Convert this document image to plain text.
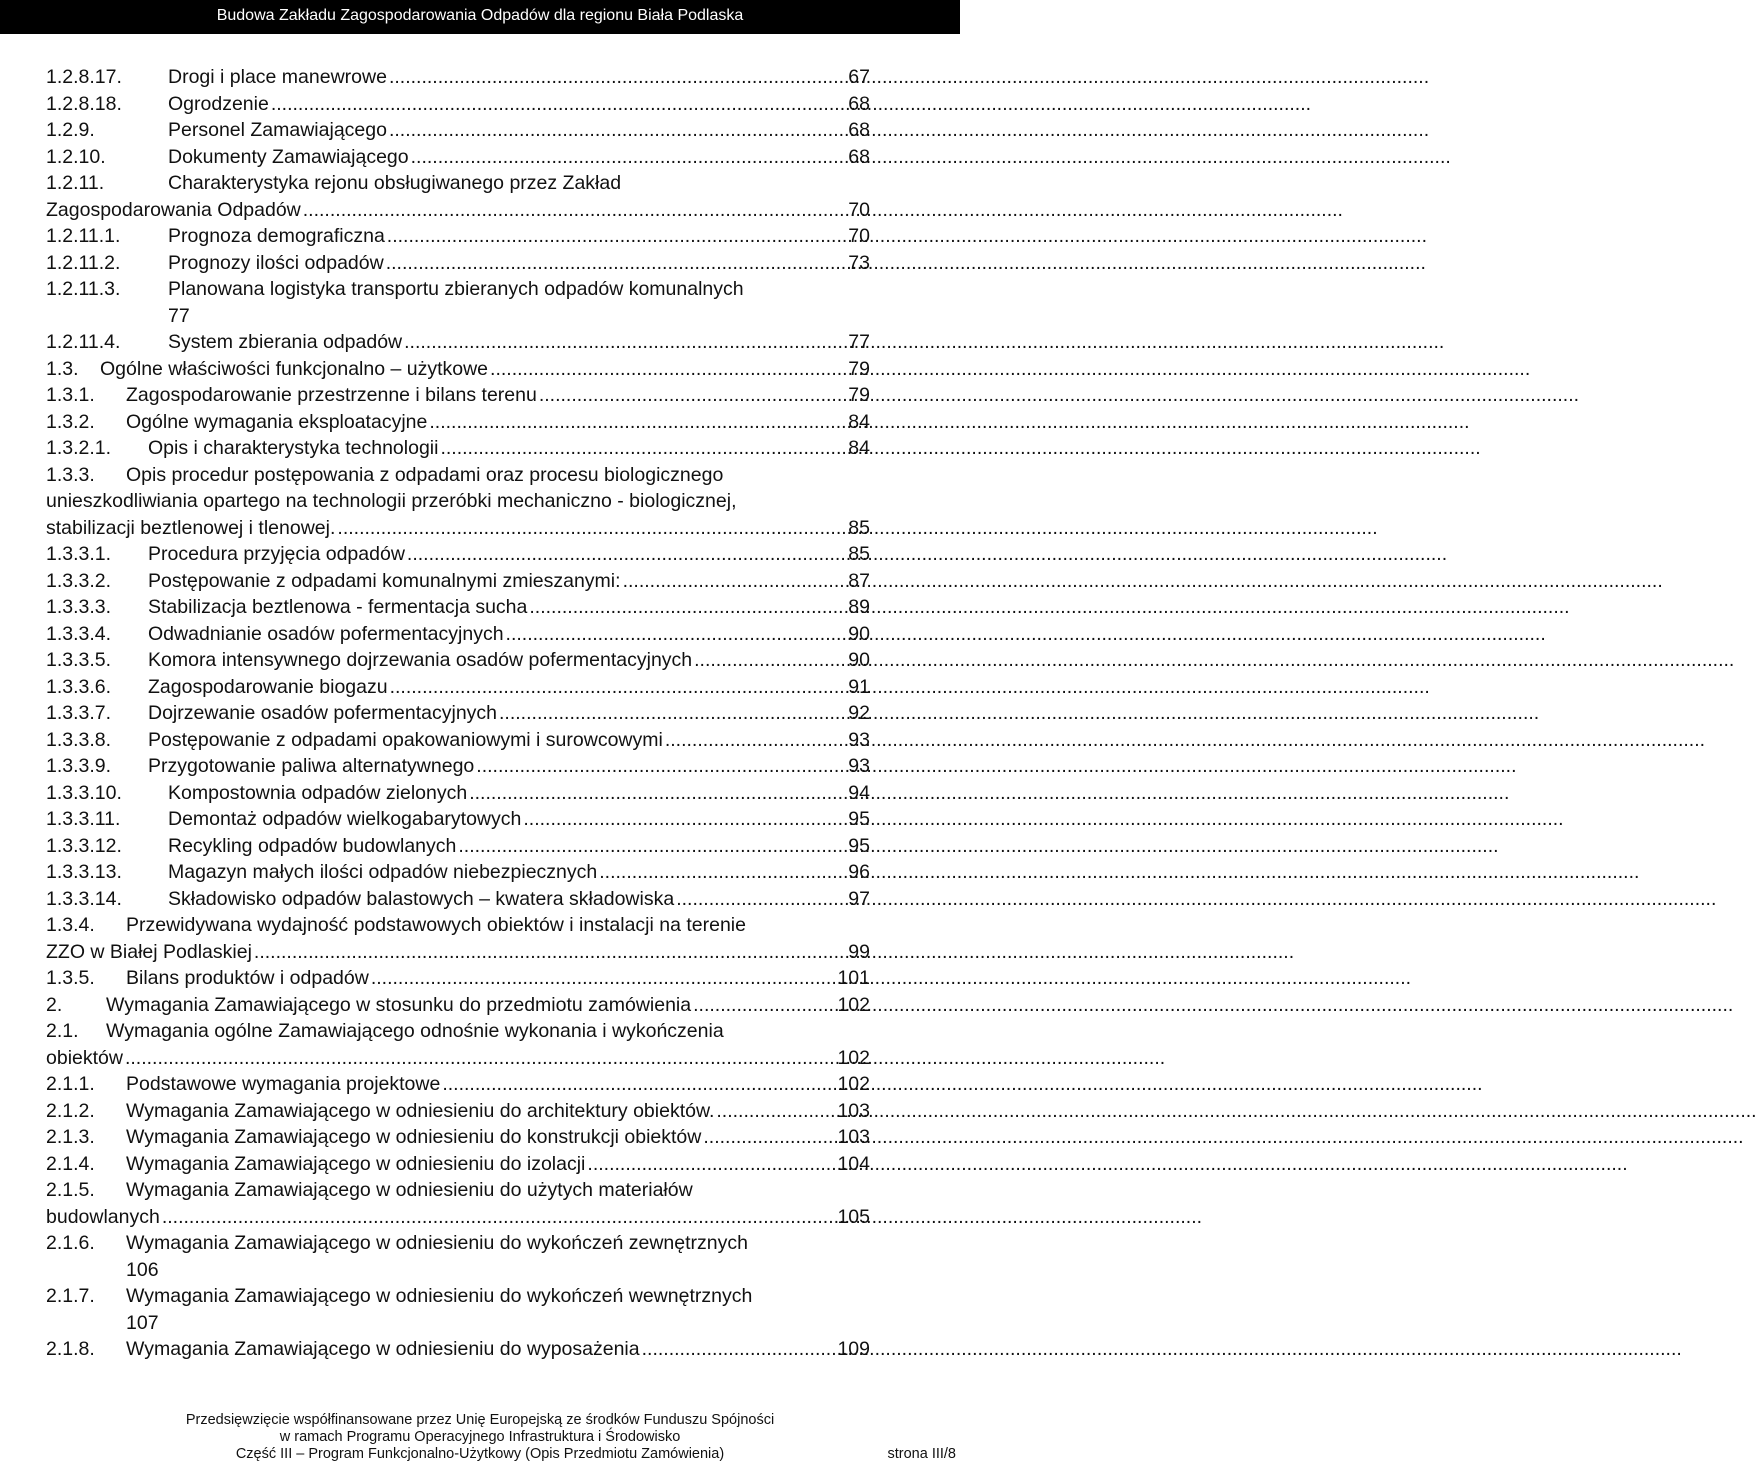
Budowa Zakładu Zagospodarowania Odpadów dla regionu Biała Podlaska
1.2.8.17.	Drogi i place manewrowe .....	67
1.2.8.18.	Ogrodzenie .....	68
1.2.9.	Personel Zamawiającego .....	68
1.2.10.	Dokumenty Zamawiającego .....	68
1.2.11.	Charakterystyka rejonu obsługiwanego przez Zakład
Zagospodarowania Odpadów .....	70
1.2.11.1.	Prognoza demograficzna .....	70
1.2.11.2.	Prognozy ilości odpadów .....	73
1.2.11.3.	Planowana logistyka transportu zbieranych odpadów komunalnych
77
1.2.11.4.	System zbierania odpadów .....	77
1.3.	Ogólne właściwości funkcjonalno – użytkowe .....	79
1.3.1.	Zagospodarowanie przestrzenne i bilans terenu .....	79
1.3.2.	Ogólne wymagania eksploatacyjne .....	84
1.3.2.1.	Opis i charakterystyka technologii .....	84
1.3.3.	Opis procedur postępowania z odpadami oraz procesu biologicznego
unieszkodliwiania opartego na technologii przeróbki mechaniczno - biologicznej,
stabilizacji beztlenowej i tlenowej. .....	85
1.3.3.1.	Procedura przyjęcia odpadów .....	85
1.3.3.2.	Postępowanie z odpadami komunalnymi zmieszanymi: .....	87
1.3.3.3.	Stabilizacja beztlenowa - fermentacja sucha .....	89
1.3.3.4.	Odwadnianie osadów pofermentacyjnych .....	90
1.3.3.5.	Komora intensywnego dojrzewania osadów pofermentacyjnych .....	90
1.3.3.6.	Zagospodarowanie biogazu .....	91
1.3.3.7.	Dojrzewanie osadów pofermentacyjnych .....	92
1.3.3.8.	Postępowanie z odpadami opakowaniowymi i surowcowymi .....	93
1.3.3.9.	Przygotowanie paliwa alternatywnego .....	93
1.3.3.10.	Kompostownia odpadów zielonych .....	94
1.3.3.11.	Demontaż odpadów wielkogabarytowych .....	95
1.3.3.12.	Recykling odpadów budowlanych .....	95
1.3.3.13.	Magazyn małych ilości odpadów niebezpiecznych .....	96
1.3.3.14.	Składowisko odpadów balastowych – kwatera składowiska .....	97
1.3.4.	Przewidywana wydajność podstawowych obiektów i instalacji na terenie
ZZO w Białej Podlaskiej .....	99
1.3.5.	Bilans produktów i odpadów .....	101
2.	Wymagania Zamawiającego w stosunku do przedmiotu zamówienia .....	102
2.1.	Wymagania ogólne Zamawiającego odnośnie wykonania i wykończenia
obiektów .....	102
2.1.1.	Podstawowe wymagania projektowe .....	102
2.1.2.	Wymagania Zamawiającego w odniesieniu do architektury obiektów. .....	103
2.1.3.	Wymagania Zamawiającego w odniesieniu do konstrukcji obiektów .....	103
2.1.4.	Wymagania Zamawiającego w odniesieniu do izolacji .....	104
2.1.5.	Wymagania Zamawiającego w odniesieniu do użytych materiałów
budowlanych .....	105
2.1.6.	Wymagania Zamawiającego w odniesieniu do wykończeń zewnętrznych
106
2.1.7.	Wymagania Zamawiającego w odniesieniu do wykończeń wewnętrznych
107
2.1.8.	Wymagania Zamawiającego w odniesieniu do wyposażenia .....	109
Przedsięwzięcie współfinansowane przez Unię Europejską ze środków Funduszu Spójności
w ramach Programu Operacyjnego Infrastruktura i Środowisko
Część III – Program Funkcjonalno-Użytkowy (Opis Przedmiotu Zamówienia)	strona III/8
